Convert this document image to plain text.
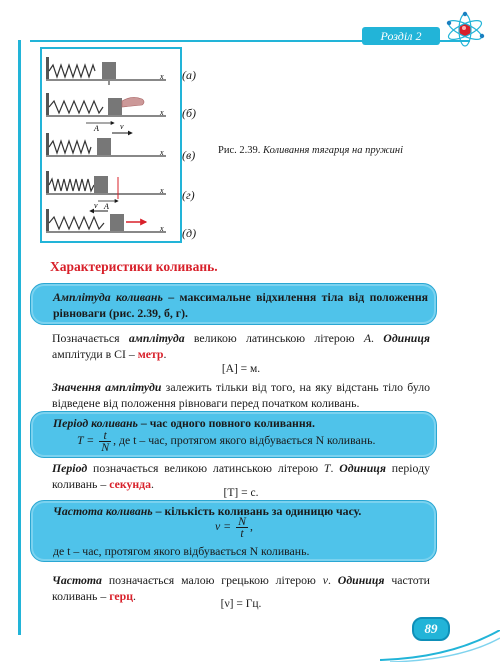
Розділ 2
x
A
x
v
x
A
x
v
x
(а)
(б)
(в)
(г)
(д)
Рис. 2.39. Коливання тягарця на пружині
Характеристики коливань.
Амплітуда коливань – максимальне відхилення тіла від положення рівноваги (рис. 2.39, б, г).
Позначається амплітуда великою латинською літерою A. Одиниця амплітуди в СІ – метр.
[A] = м.
Значення амплітуди залежить тільки від того, на яку відстань тіло було відведене від положення рівноваги перед початком коливань.
Період коливань – час одного повного коливання.
$T = \frac{t}{N}$ , де t – час, протягом якого відбувається N коливань.
Період позначається великою латинською літерою T. Одиниця періоду коливань – секунда.
[T] = с.
Частота коливань – кількість коливань за одиницю часу.
$\nu = \frac{N}{t}$ ,
де t – час, протягом якого відбувається N коливань.
Частота позначається малою грецькою літерою ν. Одиниця частоти коливань – герц.
[ν] = Гц.
89
